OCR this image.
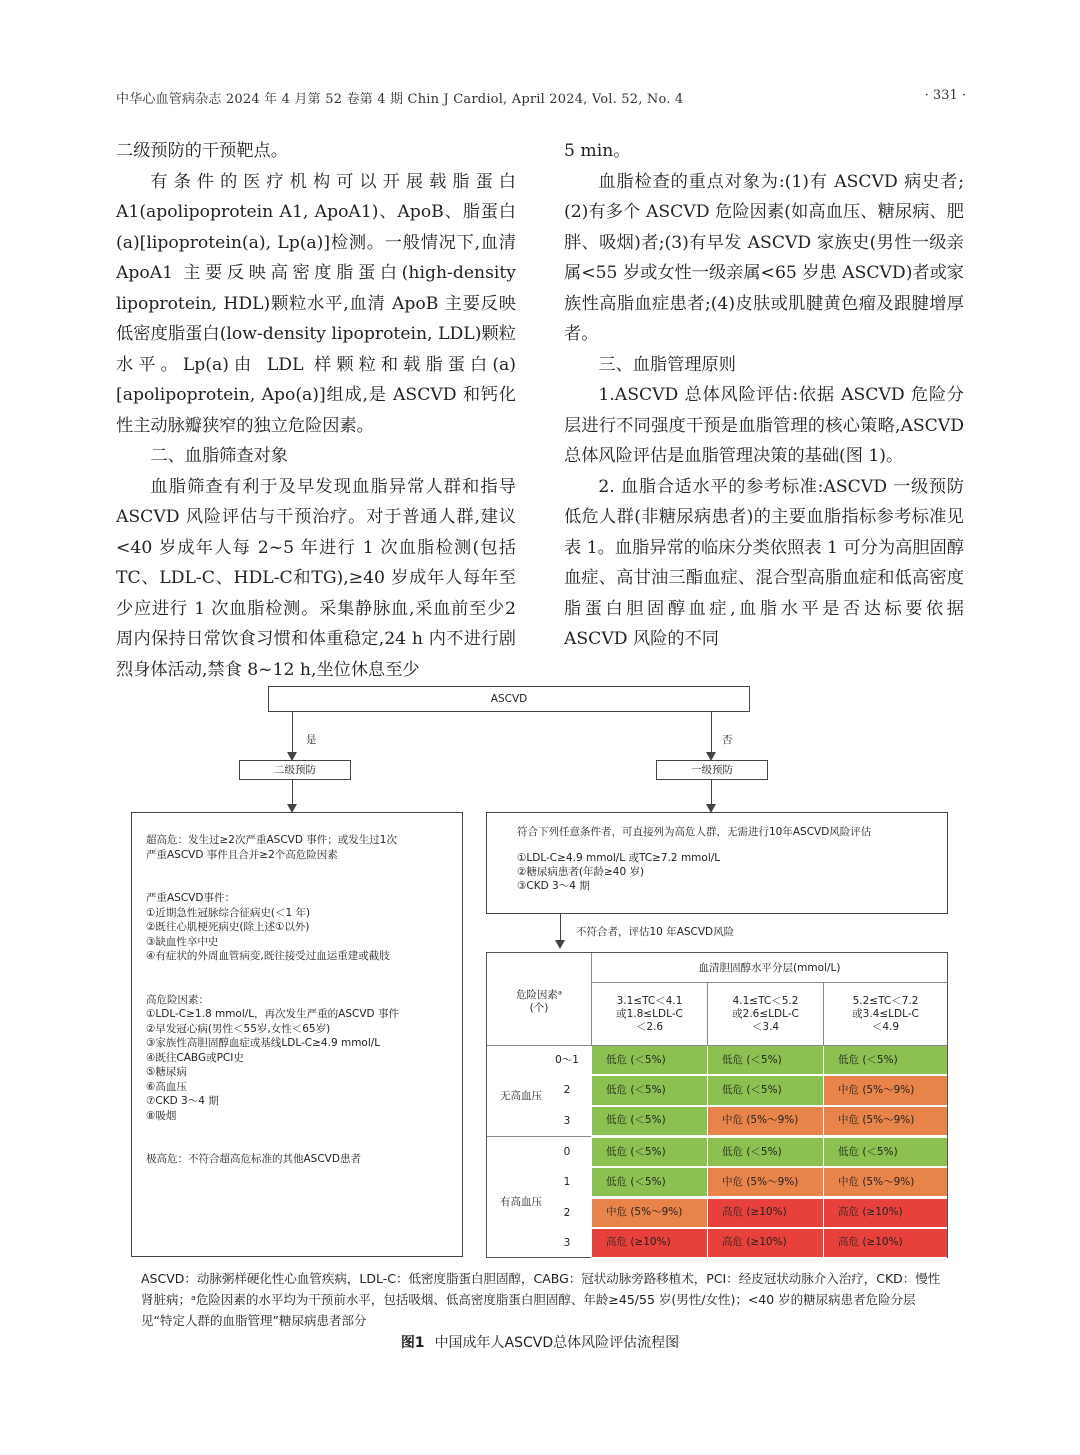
中华心血管病杂志 2024 年 4 月第 52 卷第 4 期 Chin J Cardiol, April 2024, Vol. 52, No. 4	· 331 ·

二级预防的干预靶点。

有条件的医疗机构可以开展载脂蛋白A1(apolipoprotein A1, ApoA1)、ApoB、脂蛋白(a)[lipoprotein(a), Lp(a)]检测。一般情况下,血清ApoA1 主要反映高密度脂蛋白(high-density lipoprotein, HDL)颗粒水平,血清 ApoB 主要反映低密度脂蛋白(low-density lipoprotein, LDL)颗粒水平。Lp(a)由 LDL 样颗粒和载脂蛋白(a)[apolipoprotein, Apo(a)]组成,是 ASCVD 和钙化性主动脉瓣狭窄的独立危险因素。

二、血脂筛查对象

血脂筛查有利于及早发现血脂异常人群和指导 ASCVD 风险评估与干预治疗。对于普通人群,建议<40 岁成年人每 2~5 年进行 1 次血脂检测(包括TC、LDL-C、HDL-C和TG),≥40 岁成年人每年至少应进行 1 次血脂检测。采集静脉血,采血前至少2 周内保持日常饮食习惯和体重稳定,24 h 内不进行剧烈身体活动,禁食 8~12 h,坐位休息至少

5 min。

血脂检查的重点对象为:(1)有 ASCVD 病史者;(2)有多个 ASCVD 危险因素(如高血压、糖尿病、肥胖、吸烟)者;(3)有早发 ASCVD 家族史(男性一级亲属<55 岁或女性一级亲属<65 岁患 ASCVD)者或家族性高脂血症患者;(4)皮肤或肌腱黄色瘤及跟腱增厚者。

三、血脂管理原则

1.ASCVD 总体风险评估:依据 ASCVD 危险分层进行不同强度干预是血脂管理的核心策略,ASCVD 总体风险评估是血脂管理决策的基础(图 1)。

2. 血脂合适水平的参考标准:ASCVD 一级预防低危人群(非糖尿病患者)的主要血脂指标参考标准见表 1。血脂异常的临床分类依照表 1 可分为高胆固醇血症、高甘油三酯血症、混合型高脂血症和低高密度脂蛋白胆固醇血症,血脂水平是否达标要依据 ASCVD 风险的不同

ASCVD
是	否
二级预防	一级预防
超高危：发生过≥2次严重ASCVD 事件；或发生过1次
严重ASCVD 事件且合并≥2个高危险因素
严重ASCVD事件：
①近期急性冠脉综合征病史(＜1 年)
②既往心肌梗死病史(除上述①以外)
③缺血性卒中史
④有症状的外周血管病变,既往接受过血运重建或截肢
高危险因素：
①LDL-C≥1.8 mmol/L，再次发生严重的ASCVD 事件
②早发冠心病(男性＜55岁,女性＜65岁)
③家族性高胆固醇血症或基线LDL-C≥4.9 mmol/L
④既往CABG或PCI史
⑤糖尿病
⑥高血压
⑦CKD 3～4 期
⑧吸烟
极高危：不符合超高危标准的其他ASCVD患者
符合下列任意条件者，可直接列为高危人群，无需进行10年ASCVD风险评估
①LDL-C≥4.9 mmol/L 或TC≥7.2 mmol/L
②糖尿病患者(年龄≥40 岁)
③CKD 3～4 期
不符合者，评估10 年ASCVD风险
血清胆固醇水平分层(mmol/L)
危险因素ᵃ
(个)
3.1≤TC＜4.1
或1.8≤LDL-C
＜2.6
4.1≤TC＜5.2
或2.6≤LDL-C
＜3.4
5.2≤TC＜7.2
或3.4≤LDL-C
＜4.9
无高血压
有高血压
0～1	低危 (＜5%)	低危 (＜5%)	低危 (＜5%)
2	低危 (＜5%)	低危 (＜5%)	中危 (5%～9%)
3	低危 (＜5%)	中危 (5%～9%)	中危 (5%～9%)
0	低危 (＜5%)	低危 (＜5%)	低危 (＜5%)
1	低危 (＜5%)	中危 (5%～9%)	中危 (5%～9%)
2	中危 (5%～9%)	高危 (≥10%)	高危 (≥10%)
3	高危 (≥10%)	高危 (≥10%)	高危 (≥10%)
ASCVD：动脉粥样硬化性心血管疾病，LDL-C：低密度脂蛋白胆固醇，CABG：冠状动脉旁路移植术，PCI：经皮冠状动脉介入治疗，CKD：慢性肾脏病；ᵃ危险因素的水平均为干预前水平，包括吸烟、低高密度脂蛋白胆固醇、年龄≥45/55 岁(男性/女性)；<40 岁的糖尿病患者危险分层见“特定人群的血脂管理”糖尿病患者部分
图1 中国成年人ASCVD总体风险评估流程图
